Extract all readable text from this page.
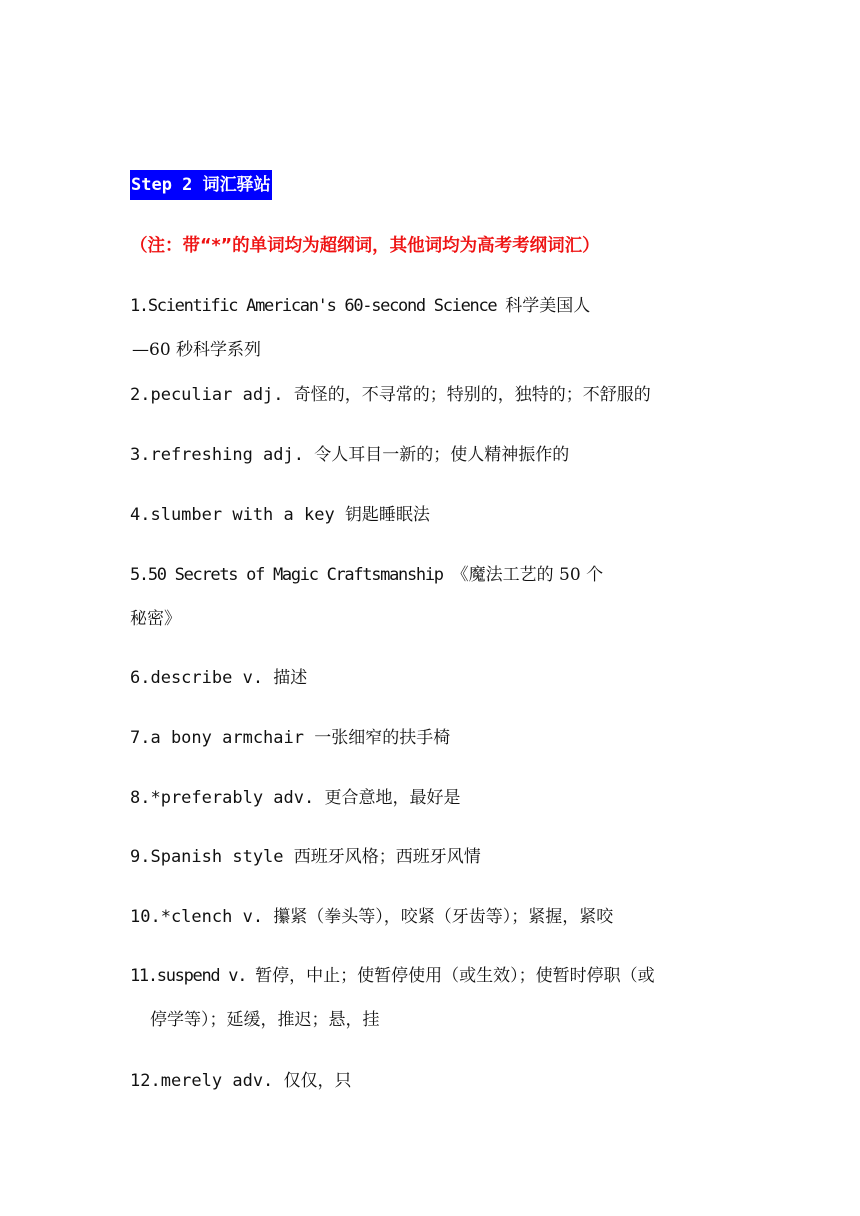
Step 2 词汇驿站
（注：带“*”的单词均为超纲词，其他词均为高考考纲词汇）
1.Scientific American's 60-second Science 科学美国人
—60 秒科学系列
2.peculiar adj. 奇怪的，不寻常的；特别的，独特的；不舒服的
3.refreshing adj. 令人耳目一新的；使人精神振作的
4.slumber with a key 钥匙睡眠法
5.50 Secrets of Magic Craftsmanship 《魔法工艺的 50 个
秘密》
6.describe v. 描述
7.a bony armchair 一张细窄的扶手椅
8.*preferably adv. 更合意地，最好是
9.Spanish style 西班牙风格；西班牙风情
10.*clench v. 攥紧（拳头等），咬紧（牙齿等）；紧握，紧咬
11.suspend v. 暂停，中止；使暂停使用（或生效）；使暂时停职（或
停学等）；延缓，推迟；悬，挂
12.merely adv. 仅仅，只
